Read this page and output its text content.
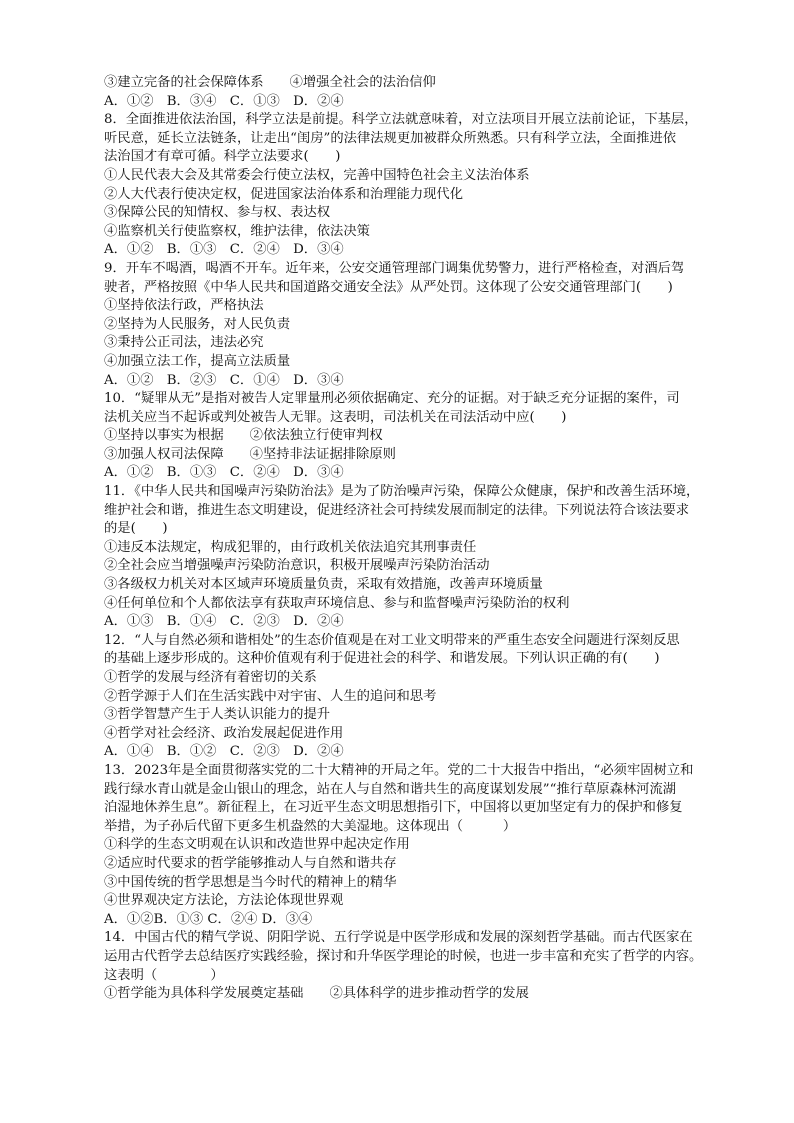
③建立完备的社会保障体系 ④增强全社会的法治信仰
A．①②　B．③④　C．①③　D．②④
8．全面推进依法治国，科学立法是前提。科学立法就意味着，对立法项目开展立法前论证，下基层，
听民意，延长立法链条，让走出“闺房”的法律法规更加被群众所熟悉。只有科学立法，全面推进依
法治国才有章可循。科学立法要求(　　)
①人民代表大会及其常委会行使立法权，完善中国特色社会主义法治体系
②人大代表行使决定权，促进国家法治体系和治理能力现代化
③保障公民的知情权、参与权、表达权
④监察机关行使监察权，维护法律，依法决策
A．①②　B．①③　C．②④　D．③④
9．开车不喝酒，喝酒不开车。近年来，公安交通管理部门调集优势警力，进行严格检查，对酒后驾
驶者，严格按照《中华人民共和国道路交通安全法》从严处罚。这体现了公安交通管理部门(　　)
①坚持依法行政，严格执法
②坚持为人民服务，对人民负责
③秉持公正司法，违法必究
④加强立法工作，提高立法质量
A．①②　B．②③　C．①④　D．③④
10．“疑罪从无”是指对被告人定罪量刑必须依据确定、充分的证据。对于缺乏充分证据的案件，司
法机关应当不起诉或判处被告人无罪。这表明，司法机关在司法活动中应(　　)
①坚持以事实为根据 ②依法独立行使审判权
③加强人权司法保障 ④坚持非法证据排除原则
A．①②　B．①③　C．②④　D．③④
11．《中华人民共和国噪声污染防治法》是为了防治噪声污染，保障公众健康，保护和改善生活环境，
维护社会和谐，推进生态文明建设，促进经济社会可持续发展而制定的法律。下列说法符合该法要求
的是(　　)
①违反本法规定，构成犯罪的，由行政机关依法追究其刑事责任
②全社会应当增强噪声污染防治意识，积极开展噪声污染防治活动
③各级权力机关对本区域声环境质量负责，采取有效措施，改善声环境质量
④任何单位和个人都依法享有获取声环境信息、参与和监督噪声污染防治的权利
A．①③　B．①④　C．②③　D．②④
12．“人与自然必须和谐相处”的生态价值观是在对工业文明带来的严重生态安全问题进行深刻反思
的基础上逐步形成的。这种价值观有利于促进社会的科学、和谐发展。下列认识正确的有(　　)
①哲学的发展与经济有着密切的关系
②哲学源于人们在生活实践中对宇宙、人生的追问和思考
③哲学智慧产生于人类认识能力的提升
④哲学对社会经济、政治发展起促进作用
A．①④　B．①②　C．②③　D．②④
13．2023年是全面贯彻落实党的二十大精神的开局之年。党的二十大报告中指出，“必须牢固树立和
践行绿水青山就是金山银山的理念，站在人与自然和谐共生的高度谋划发展”“推行草原森林河流湖
泊湿地休养生息”。新征程上，在习近平生态文明思想指引下，中国将以更加坚定有力的保护和修复
举措，为子孙后代留下更多生机盎然的大美湿地。这体现出（　　　）
①科学的生态文明观在认识和改造世界中起决定作用
②适应时代要求的哲学能够推动人与自然和谐共存
③中国传统的哲学思想是当今时代的精神上的精华
④世界观决定方法论，方法论体现世界观
A．①②B．①③ C．②④ D．③④
14．中国古代的精气学说、阴阳学说、五行学说是中医学形成和发展的深刻哲学基础。而古代医家在
运用古代哲学去总结医疗实践经验，探讨和升华医学理论的时候，也进一步丰富和充实了哲学的内容。
这表明（　　　　）
①哲学能为具体科学发展奠定基础 ②具体科学的进步推动哲学的发展
